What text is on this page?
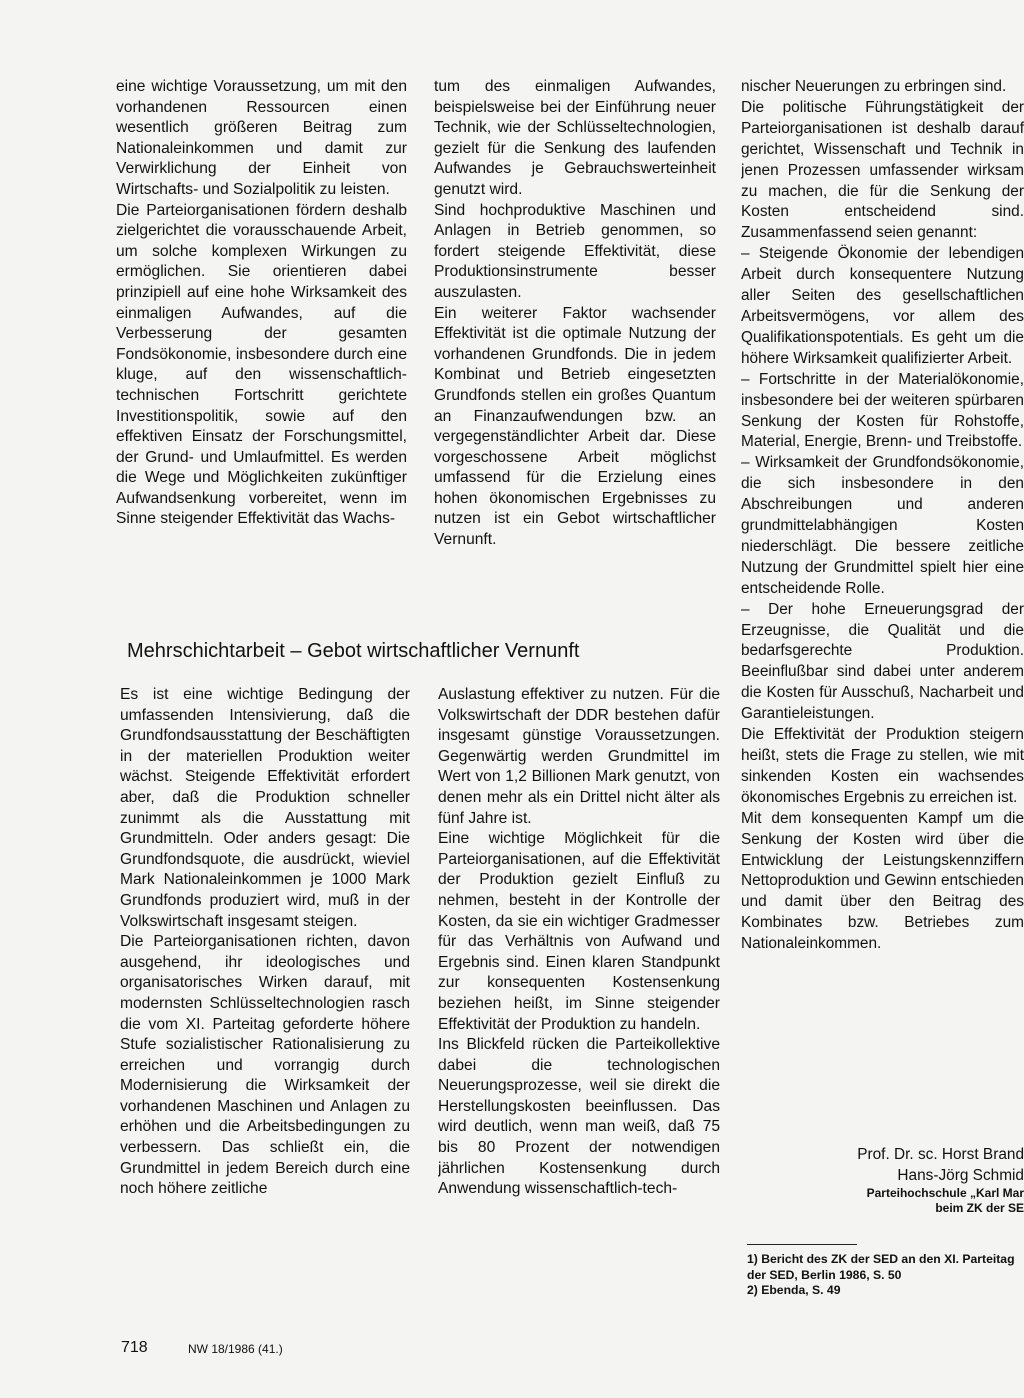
eine wichtige Voraussetzung, um mit den vorhandenen Ressourcen einen wesentlich größeren Beitrag zum Nationaleinkommen und damit zur Verwirklichung der Einheit von Wirtschafts- und Sozialpolitik zu leisten.
Die Parteiorganisationen fördern deshalb zielgerichtet die vorausschauende Arbeit, um solche komplexen Wirkungen zu ermöglichen. Sie orientieren dabei prinzipiell auf eine hohe Wirksamkeit des einmaligen Aufwandes, auf die Verbesserung der gesamten Fondsökonomie, insbesondere durch eine kluge, auf den wissenschaftlich-technischen Fortschritt gerichtete Investitionspolitik, sowie auf den effektiven Einsatz der Forschungsmittel, der Grund- und Umlaufmittel. Es werden die Wege und Möglichkeiten zukünftiger Aufwandsenkung vorbereitet, wenn im Sinne steigender Effektivität das Wachs-

tum des einmaligen Aufwandes, beispielsweise bei der Einführung neuer Technik, wie der Schlüsseltechnologien, gezielt für die Senkung des laufenden Aufwandes je Gebrauchswerteinheit genutzt wird.
Sind hochproduktive Maschinen und Anlagen in Betrieb genommen, so fordert steigende Effektivität, diese Produktionsinstrumente besser auszulasten.
Ein weiterer Faktor wachsender Effektivität ist die optimale Nutzung der vorhandenen Grundfonds. Die in jedem Kombinat und Betrieb eingesetzten Grundfonds stellen ein großes Quantum an Finanzaufwendungen bzw. an vergegenständlichter Arbeit dar. Diese vorgeschossene Arbeit möglichst umfassend für die Erzielung eines hohen ökonomischen Ergebnisses zu nutzen ist ein Gebot wirtschaftlicher Vernunft.

nischer Neuerungen zu erbringen sind.
Die politische Führungstätigkeit der Parteiorganisationen ist deshalb darauf gerichtet, Wissenschaft und Technik in jenen Prozessen umfassender wirksam zu machen, die für die Senkung der Kosten entscheidend sind. Zusammenfassend seien genannt:
– Steigende Ökonomie der lebendigen Arbeit durch konsequentere Nutzung aller Seiten des gesellschaftlichen Arbeitsvermögens, vor allem des Qualifikationspotentials. Es geht um die höhere Wirksamkeit qualifizierter Arbeit.
– Fortschritte in der Materialökonomie, insbesondere bei der weiteren spürbaren Senkung der Kosten für Rohstoffe, Material, Energie, Brenn- und Treibstoffe.
– Wirksamkeit der Grundfondsökonomie, die sich insbesondere in den Abschreibungen und anderen grundmittelabhängigen Kosten niederschlägt. Die bessere zeitliche Nutzung der Grundmittel spielt hier eine entscheidende Rolle.
– Der hohe Erneuerungsgrad der Erzeugnisse, die Qualität und die bedarfsgerechte Produktion. Beeinflußbar sind dabei unter anderem die Kosten für Ausschuß, Nacharbeit und Garantieleistungen.
Die Effektivität der Produktion steigern heißt, stets die Frage zu stellen, wie mit sinkenden Kosten ein wachsendes ökonomisches Ergebnis zu erreichen ist.
Mit dem konsequenten Kampf um die Senkung der Kosten wird über die Entwicklung der Leistungskennziffern Nettoproduktion und Gewinn entschieden und damit über den Beitrag des Kombinates bzw. Betriebes zum Nationaleinkommen.

Mehrschichtarbeit – Gebot wirtschaftlicher Vernunft

Es ist eine wichtige Bedingung der umfassenden Intensivierung, daß die Grundfondsausstattung der Beschäftigten in der materiellen Produktion weiter wächst. Steigende Effektivität erfordert aber, daß die Produktion schneller zunimmt als die Ausstattung mit Grundmitteln. Oder anders gesagt: Die Grundfondsquote, die ausdrückt, wieviel Mark Nationaleinkommen je 1000 Mark Grundfonds produziert wird, muß in der Volkswirtschaft insgesamt steigen.
Die Parteiorganisationen richten, davon ausgehend, ihr ideologisches und organisatorisches Wirken darauf, mit modernsten Schlüsseltechnologien rasch die vom XI. Parteitag geforderte höhere Stufe sozialistischer Rationalisierung zu erreichen und vorrangig durch Modernisierung die Wirksamkeit der vorhandenen Maschinen und Anlagen zu erhöhen und die Arbeitsbedingungen zu verbessern. Das schließt ein, die Grundmittel in jedem Bereich durch eine noch höhere zeitliche

Auslastung effektiver zu nutzen. Für die Volkswirtschaft der DDR bestehen dafür insgesamt günstige Voraussetzungen. Gegenwärtig werden Grundmittel im Wert von 1,2 Billionen Mark genutzt, von denen mehr als ein Drittel nicht älter als fünf Jahre ist.
Eine wichtige Möglichkeit für die Parteiorganisationen, auf die Effektivität der Produktion gezielt Einfluß zu nehmen, besteht in der Kontrolle der Kosten, da sie ein wichtiger Gradmesser für das Verhältnis von Aufwand und Ergebnis sind. Einen klaren Standpunkt zur konsequenten Kostensenkung beziehen heißt, im Sinne steigender Effektivität der Produktion zu handeln.
Ins Blickfeld rücken die Parteikollektive dabei die technologischen Neuerungsprozesse, weil sie direkt die Herstellungskosten beeinflussen. Das wird deutlich, wenn man weiß, daß 75 bis 80 Prozent der notwendigen jährlichen Kostensenkung durch Anwendung wissenschaftlich-tech-

Prof. Dr. sc. Horst Brand
Hans-Jörg Schmid
Parteihochschule „Karl Mar
beim ZK der SE
1) Bericht des ZK der SED an den XI. Parteitag der SED, Berlin 1986, S. 50
2) Ebenda, S. 49
718	NW 18/1986 (41.)
